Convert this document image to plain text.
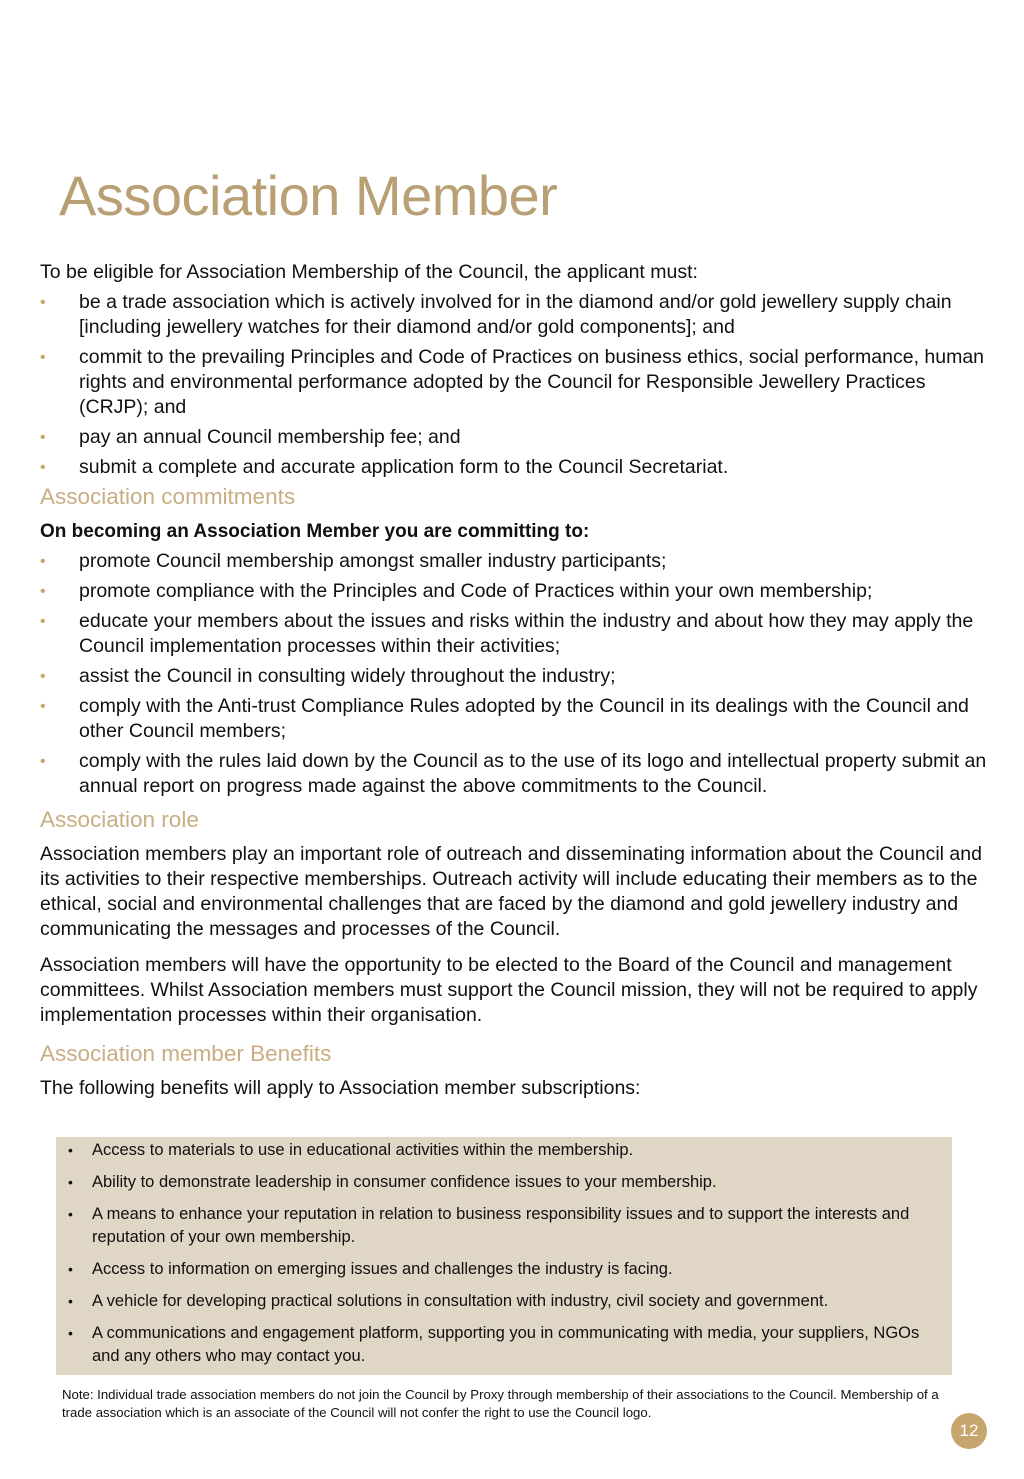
Association Member

To be eligible for Association Membership of the Council, the applicant must:

• be a trade association which is actively involved for in the diamond and/or gold jewellery supply chain [including jewellery watches for their diamond and/or gold components]; and
• commit to the prevailing Principles and Code of Practices on business ethics, social performance, human rights and environmental performance adopted by the Council for Responsible Jewellery Practices (CRJP); and
• pay an annual Council membership fee; and
• submit a complete and accurate application form to the Council Secretariat.
Association commitments

On becoming an Association Member you are committing to:

• promote Council membership amongst smaller industry participants;
• promote compliance with the Principles and Code of Practices within your own membership;
• educate your members about the issues and risks within the industry and about how they may apply the Council implementation processes within their activities;
• assist the Council in consulting widely throughout the industry;
• comply with the Anti-trust Compliance Rules adopted by the Council in its dealings with the Council and other Council members;
• comply with the rules laid down by the Council as to the use of its logo and intellectual property submit an annual report on progress made against the above commitments to the Council.
Association role

Association members play an important role of outreach and disseminating information about the Council and its activities to their respective memberships. Outreach activity will include educating their members as to the ethical, social and environmental challenges that are faced by the diamond and gold jewellery industry and communicating the messages and processes of the Council.

Association members will have the opportunity to be elected to the Board of the Council and management committees. Whilst Association members must support the Council mission, they will not be required to apply implementation processes within their organisation.

Association member Benefits

The following benefits will apply to Association member subscriptions:

• Access to materials to use in educational activities within the membership.
• Ability to demonstrate leadership in consumer confidence issues to your membership.
• A means to enhance your reputation in relation to business responsibility issues and to support the interests and reputation of your own membership.
• Access to information on emerging issues and challenges the industry is facing.
• A vehicle for developing practical solutions in consultation with industry, civil society and government.
• A communications and engagement platform, supporting you in communicating with media, your suppliers, NGOs and any others who may contact you.

Note: Individual trade association members do not join the Council by Proxy through membership of their associations to the Council. Membership of a trade association which is an associate of the Council will not confer the right to use the Council logo.

12
